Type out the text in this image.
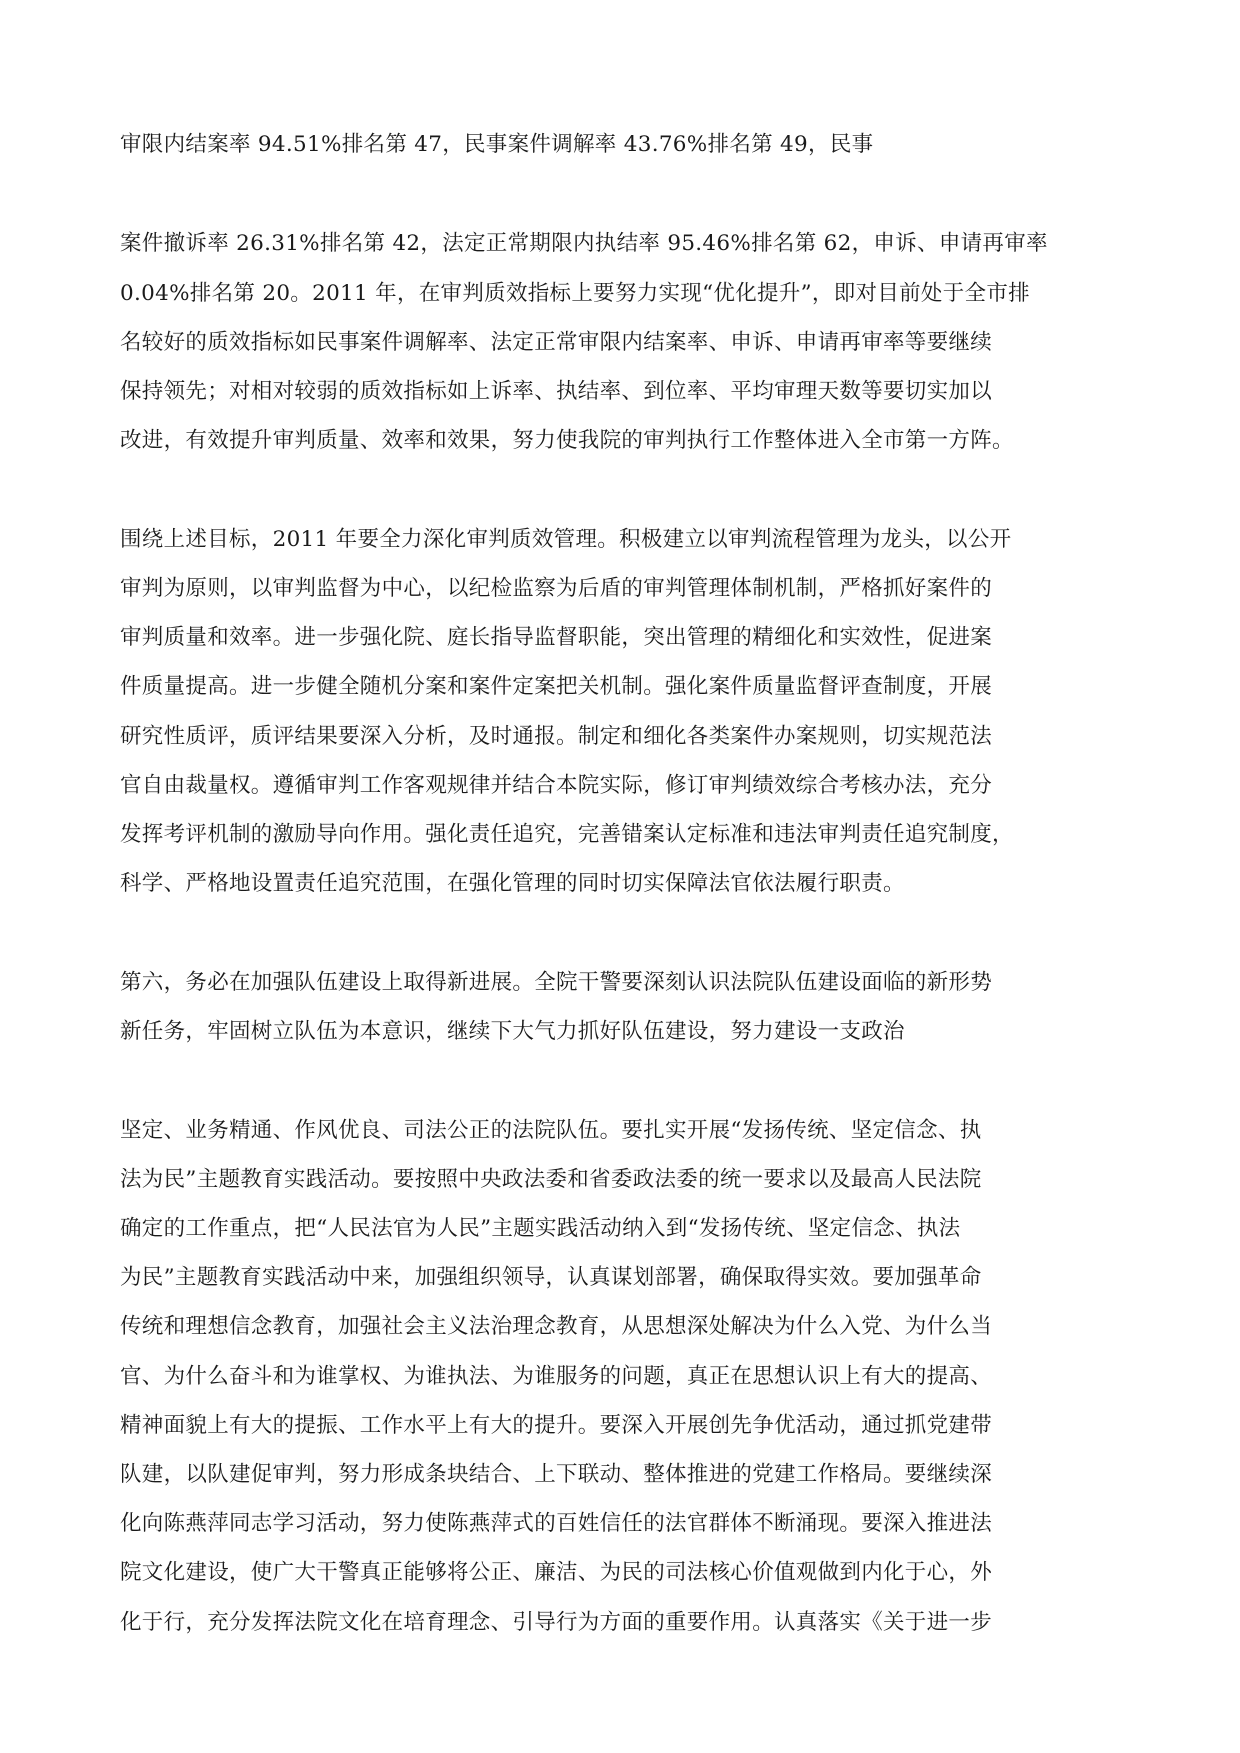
审限内结案率 94.51%排名第 47，民事案件调解率 43.76%排名第 49，民事
案件撤诉率 26.31%排名第 42，法定正常期限内执结率 95.46%排名第 62，申诉、申请再审率
0.04%排名第 20。2011 年，在审判质效指标上要努力实现“优化提升”，即对目前处于全市排
名较好的质效指标如民事案件调解率、法定正常审限内结案率、申诉、申请再审率等要继续
保持领先；对相对较弱的质效指标如上诉率、执结率、到位率、平均审理天数等要切实加以
改进，有效提升审判质量、效率和效果，努力使我院的审判执行工作整体进入全市第一方阵。
围绕上述目标，2011 年要全力深化审判质效管理。积极建立以审判流程管理为龙头，以公开
审判为原则，以审判监督为中心，以纪检监察为后盾的审判管理体制机制，严格抓好案件的
审判质量和效率。进一步强化院、庭长指导监督职能，突出管理的精细化和实效性，促进案
件质量提高。进一步健全随机分案和案件定案把关机制。强化案件质量监督评查制度，开展
研究性质评，质评结果要深入分析，及时通报。制定和细化各类案件办案规则，切实规范法
官自由裁量权。遵循审判工作客观规律并结合本院实际，修订审判绩效综合考核办法，充分
发挥考评机制的激励导向作用。强化责任追究，完善错案认定标准和违法审判责任追究制度，
科学、严格地设置责任追究范围，在强化管理的同时切实保障法官依法履行职责。
第六，务必在加强队伍建设上取得新进展。全院干警要深刻认识法院队伍建设面临的新形势
新任务，牢固树立队伍为本意识，继续下大气力抓好队伍建设，努力建设一支政治
坚定、业务精通、作风优良、司法公正的法院队伍。要扎实开展“发扬传统、坚定信念、执
法为民”主题教育实践活动。要按照中央政法委和省委政法委的统一要求以及最高人民法院
确定的工作重点，把“人民法官为人民”主题实践活动纳入到“发扬传统、坚定信念、执法
为民”主题教育实践活动中来，加强组织领导，认真谋划部署，确保取得实效。要加强革命
传统和理想信念教育，加强社会主义法治理念教育，从思想深处解决为什么入党、为什么当
官、为什么奋斗和为谁掌权、为谁执法、为谁服务的问题，真正在思想认识上有大的提高、
精神面貌上有大的提振、工作水平上有大的提升。要深入开展创先争优活动，通过抓党建带
队建，以队建促审判，努力形成条块结合、上下联动、整体推进的党建工作格局。要继续深
化向陈燕萍同志学习活动，努力使陈燕萍式的百姓信任的法官群体不断涌现。要深入推进法
院文化建设，使广大干警真正能够将公正、廉洁、为民的司法核心价值观做到内化于心，外
化于行，充分发挥法院文化在培育理念、引导行为方面的重要作用。认真落实《关于进一步
